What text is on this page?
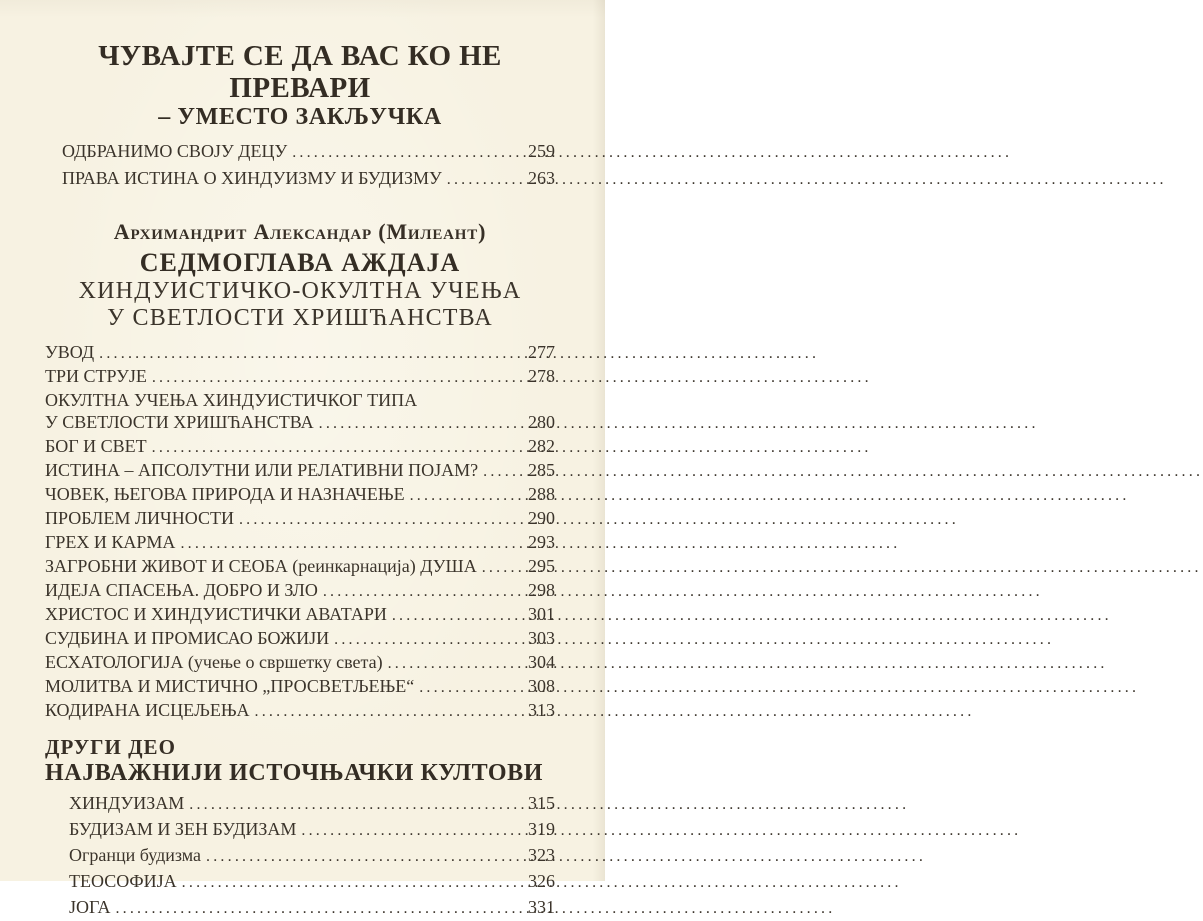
ЧУВАЈТЕ СЕ ДА ВАС КО НЕ ПРЕВАРИ
– УМЕСТО ЗАКЉУЧКА
ОДБРАНИМО СВОЈУ ДЕЦУ .....	259
ПРАВА ИСТИНА О ХИНДУИЗМУ И БУДИЗМУ .....	263
Архимандрит Александар (Милеант)
СЕДМОГЛАВА АЖДАЈА
ХИНДУИСТИЧКО-ОКУЛТНА УЧЕЊА
У СВЕТЛОСТИ ХРИШЋАНСТВА
УВОД .....	277
ТРИ СТРУЈЕ .....	278
ОКУЛТНА УЧЕЊА ХИНДУИСТИЧКОГ ТИПА
У СВЕТЛОСТИ ХРИШЋАНСТВА .....	280
БОГ И СВЕТ .....	282
ИСТИНА – АПСОЛУТНИ ИЛИ РЕЛАТИВНИ ПОЈАМ? .....	285
ЧОВЕК, ЊЕГОВА ПРИРОДА И НАЗНАЧЕЊЕ .....	288
ПРОБЛЕМ ЛИЧНОСТИ .....	290
ГРЕХ И КАРМА .....	293
ЗАГРОБНИ ЖИВОТ И СЕОБА (реинкарнација) ДУША .....	295
ИДЕЈА СПАСЕЊА. ДОБРО И ЗЛО .....	298
ХРИСТОС И ХИНДУИСТИЧКИ АВАТАРИ .....	301
СУДБИНА И ПРОМИСАО БОЖИЈИ .....	303
ЕСХАТОЛОГИЈА (учење о свршетку света) .....	304
МОЛИТВА И МИСТИЧНО „ПРОСВЕТЉЕЊЕ“ .....	308
КОДИРАНА ИСЦЕЉЕЊА .....	313
ДРУГИ ДЕО
НАЈВАЖНИЈИ ИСТОЧЊАЧКИ КУЛТОВИ
ХИНДУИЗАМ .....	315
БУДИЗАМ И ЗЕН БУДИЗАМ .....	319
Огранци будизма .....	323
ТЕОСОФИЈА .....	326
ЈОГА .....	331
